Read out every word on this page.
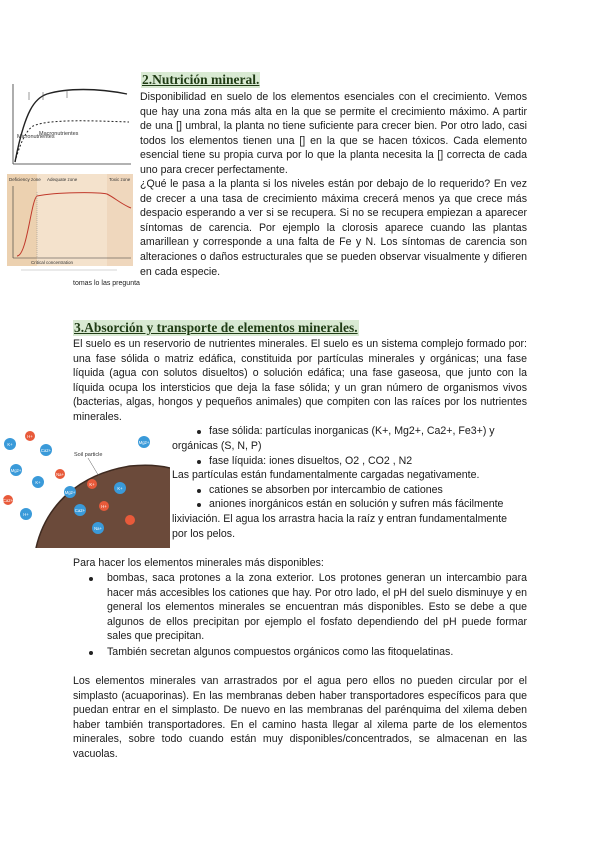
Micronutrientes
Macronutrientes
Deficiency zone Adequate zone	Toxic zone
Critical concentration
2.Nutrición mineral.

Disponibilidad en suelo de los elementos esenciales con el crecimiento. Vemos que hay una zona más alta en la que se permite el crecimiento máximo. A partir de una [] umbral, la planta no tiene suficiente para crecer bien. Por otro lado, casi todos los elementos tienen una [] en la que se hacen tóxicos. Cada elemento esencial tiene su propia curva por lo que la planta necesita la [] correcta de cada uno para crecer perfectamente.

¿Qué le pasa a la planta si los niveles están por debajo de lo requerido? En vez de crecer a una tasa de crecimiento máxima crecerá menos ya que crece más despacio esperando a ver si se recupera. Si no se recupera empiezan a aparecer síntomas de carencia. Por ejemplo la clorosis aparece cuando las plantas amarillean y corresponde a una falta de Fe y N. Los síntomas de carencia son alteraciones o daños estructurales que se pueden observar visualmente y difieren en cada especie.

tomas lo las pregunta
3.Absorción y transporte de elementos minerales.

El suelo es un reservorio de nutrientes minerales. El suelo es un sistema complejo formado por: una fase sólida o matriz edáfica, constituida por partículas minerales y orgánicas; una fase líquida (agua con solutos disueltos) o solución edáfica; una fase gaseosa, que junto con la líquida ocupa los intersticios que deja la fase sólida; y un gran número de organismos vivos (bacterias, algas, hongos y pequeños animales) que compiten con las raíces por los nutrientes minerales.

Soil particle
K+
H+
Ca2+
Mg2+
K+
Ca2+
H+
Na+
Mg2+
K+
Ca2+
H+
K+
Na+
Mg2+
fase sólida: partículas inorganicas (K+, Mg2+, Ca2+, Fe3+) y
orgánicas (S, N, P)
fase líquida: iones disueltos, O2 , CO2 , N2
Las partículas están fundamentalmente cargadas negativamente.
cationes se absorben por intercambio de cationes
aniones inorgánicos están en solución y sufren más fácilmente
lixiviación. El agua los arrastra hacia la raíz y entran fundamentalmente
por los pelos.
Para hacer los elementos minerales más disponibles:

bombas, saca protones a la zona exterior. Los protones generan un intercambio para hacer más accesibles los cationes que hay. Por otro lado, el pH del suelo disminuye y en general los elementos minerales se encuentran más disponibles. Esto se debe a que algunos de ellos precipitan por ejemplo el fosfato dependiendo del pH puede formar sales que precipitan.

También secretan algunos compuestos orgánicos como las fitoquelatinas.

Los elementos minerales van arrastrados por el agua pero ellos no pueden circular por el simplasto (acuaporinas). En las membranas deben haber transportadores específicos para que puedan entrar en el simplasto. De nuevo en las membranas del parénquima del xilema deben haber también transportadores. En el camino hasta llegar al xilema parte de los elementos minerales, sobre todo cuando están muy disponibles/concentrados, se almacenan en las vacuolas.
